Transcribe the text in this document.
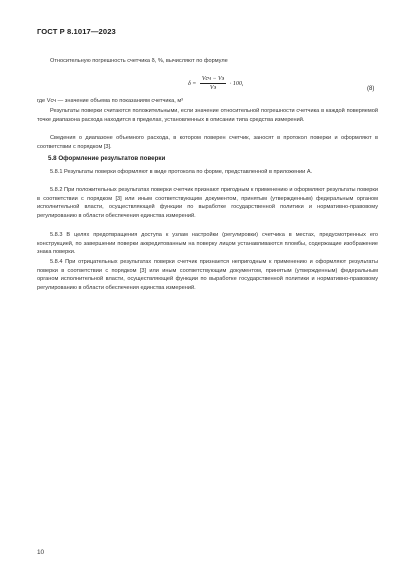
ГОСТ Р 8.1017—2023
Относительную погрешность счетчика δ, %, вычисляют по формуле
$\delta = \frac{\text{Vсч − Vэ}}{Vэ} \cdot 100$,
(8)
где Vсч — значение объема по показаниям счетчика, м³
Результаты поверки считаются положительными, если значение относительной погрешности счетчика в каждой поверяемой точке диапазона расхода находится в пределах, установленных в описании типа средства измерений.
Сведения о диапазоне объемного расхода, в котором поверен счетчик, заносят в протокол поверки и оформляют в соответствии с порядком [3].
5.8 Оформление результатов поверки
5.8.1 Результаты поверки оформляют в виде протокола по форме, представленной в приложении А.
5.8.2 При положительных результатах поверки счетчик признают пригодным к применению и оформляют результаты поверки в соответствии с порядком [3] или иным соответствующим документом, принятым (утвержденным) федеральным органом исполнительной власти, осуществляющей функции по выработке государственной политики и нормативно-правовому регулированию в области обеспечения единства измерений.
5.8.3 В целях предотвращения доступа к узлам настройки (регулировки) счетчика в местах, предусмотренных его конструкцией, по завершении поверки аккредитованным на поверку лицом устанавливаются пломбы, содержащие изображение знака поверки.
5.8.4 При отрицательных результатах поверки счетчик признается непригодным к применению и оформляют результаты поверки в соответствии с порядком [3] или иным соответствующим документом, принятым (утвержденным) федеральным органом исполнительной власти, осуществляющей функции по выработке государственной политики и нормативно-правовому регулированию в области обеспечения единства измерений.
10
